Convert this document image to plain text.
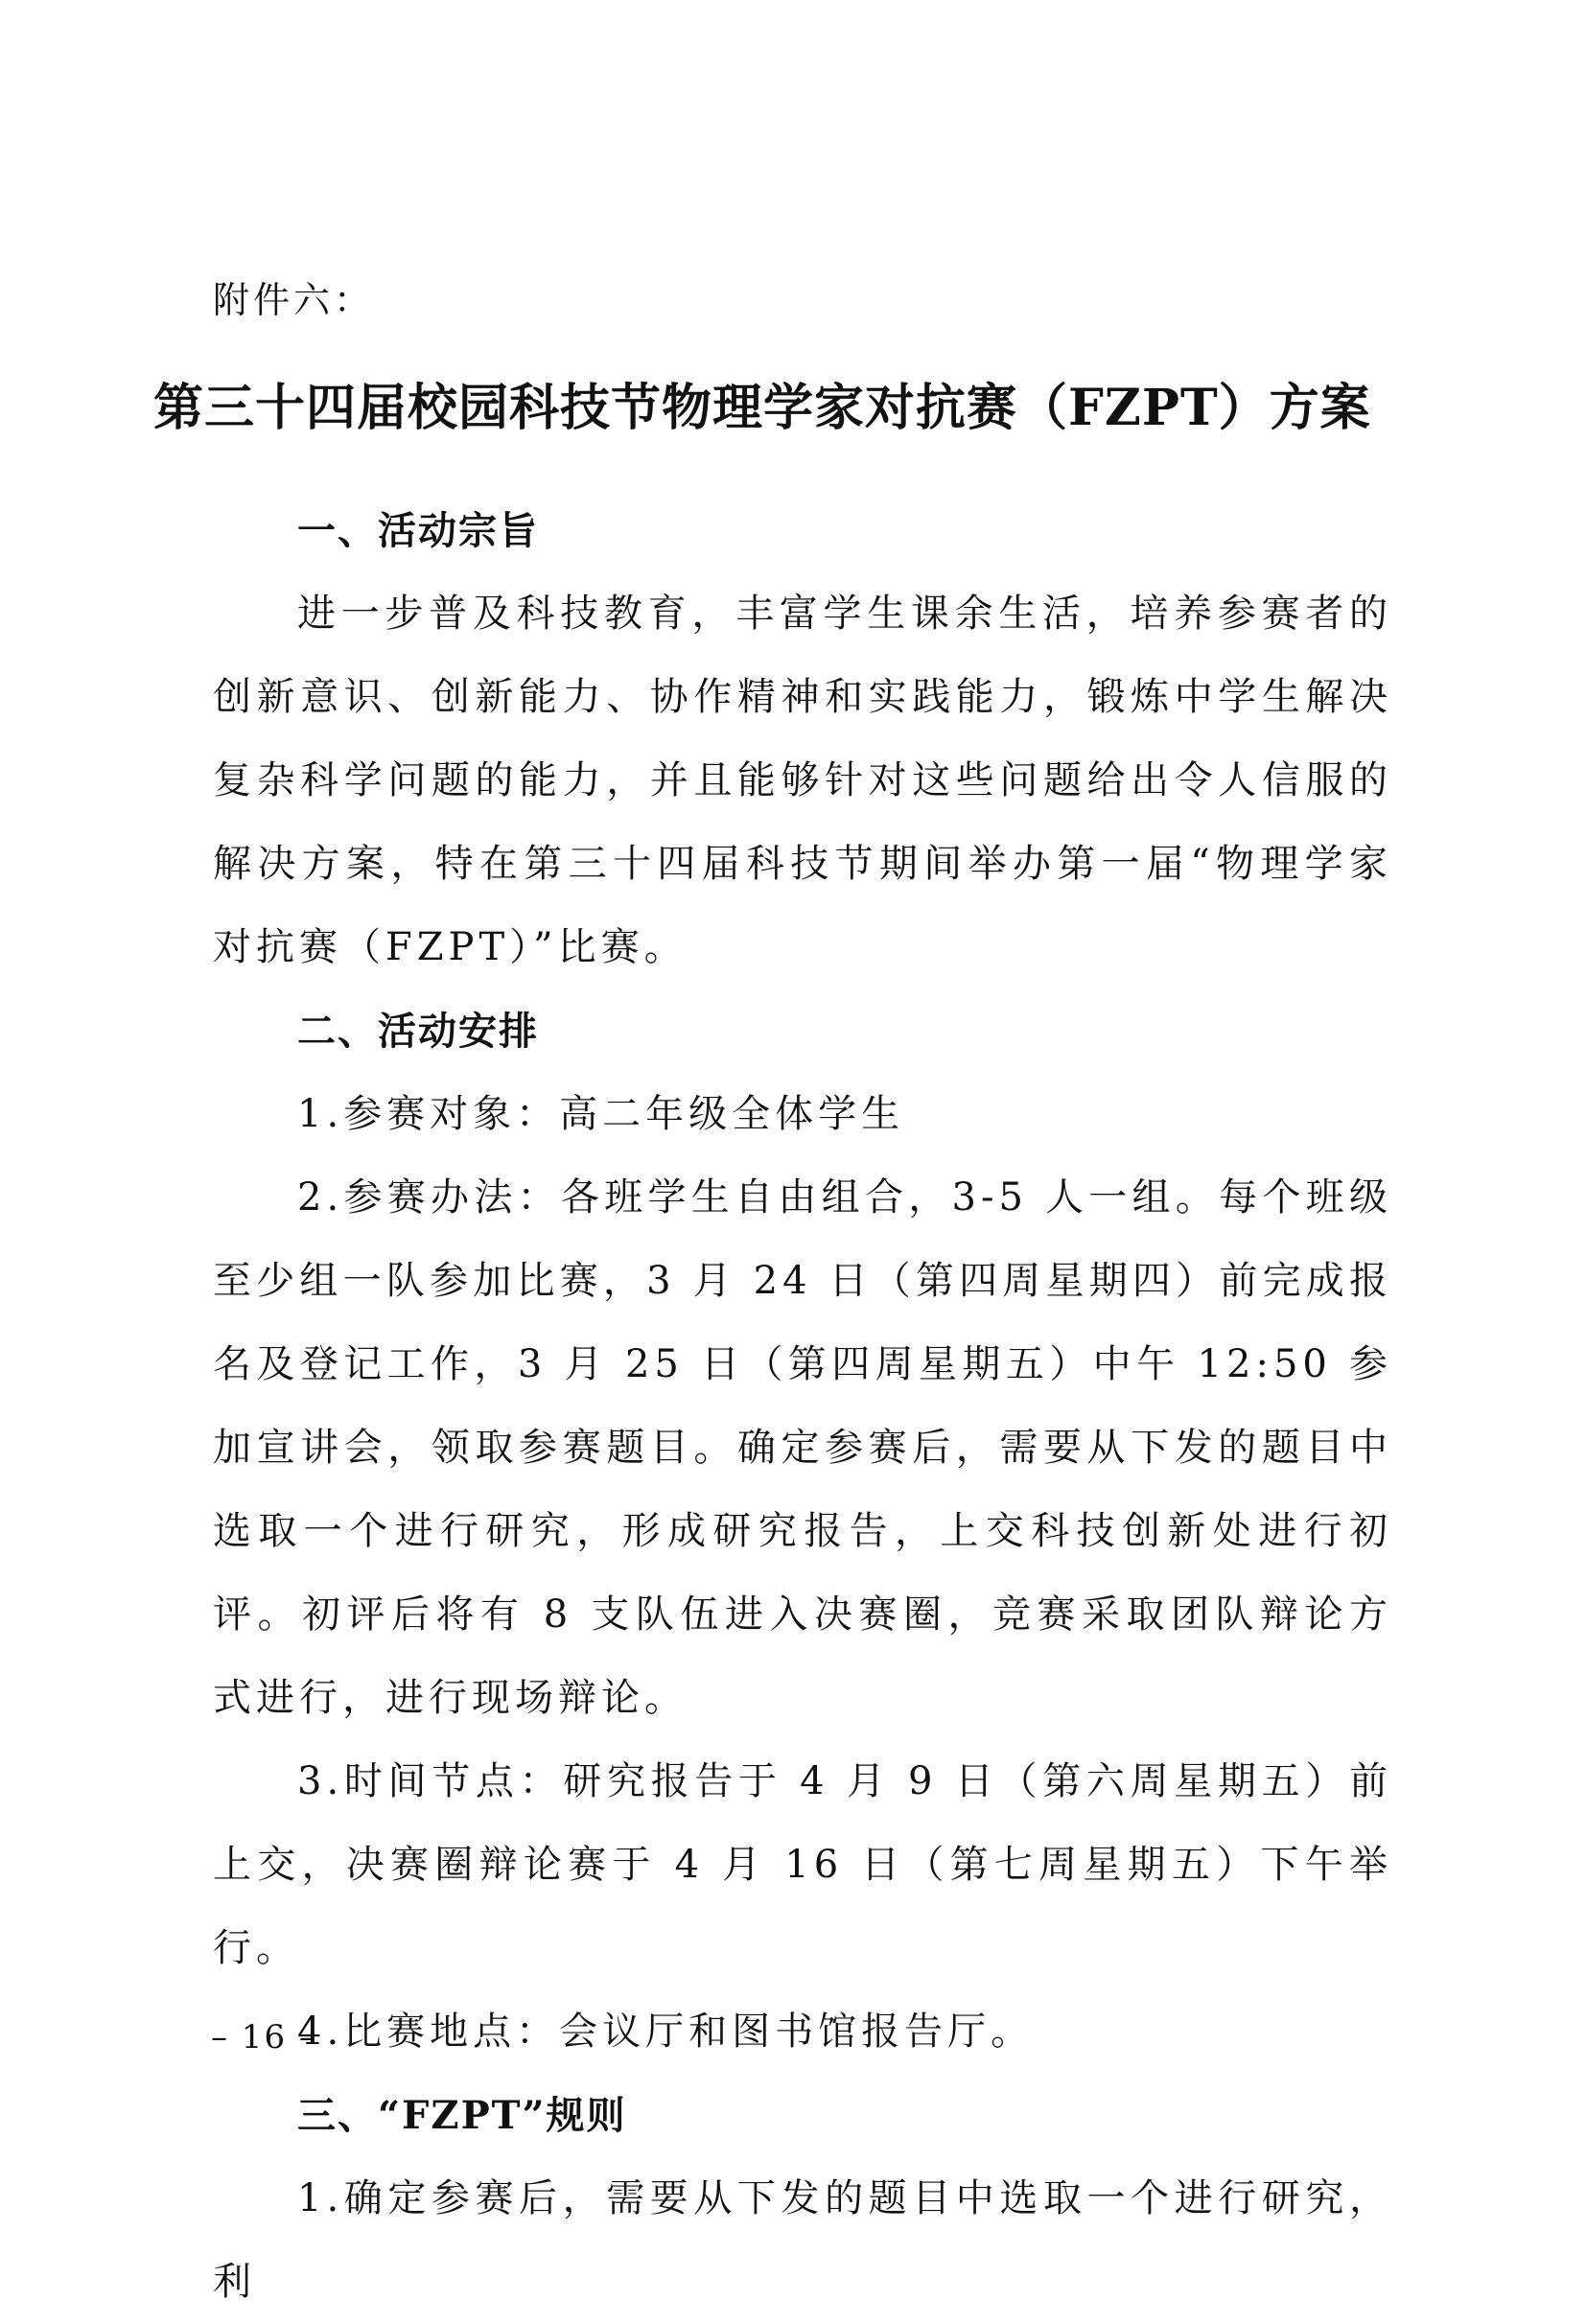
附件六：
第三十四届校园科技节物理学家对抗赛（FZPT）方案
一、活动宗旨
进一步普及科技教育，丰富学生课余生活，培养参赛者的创新意识、创新能力、协作精神和实践能力，锻炼中学生解决复杂科学问题的能力，并且能够针对这些问题给出令人信服的解决方案，特在第三十四届科技节期间举办第一届“物理学家对抗赛（FZPT）”比赛。
二、活动安排
1.参赛对象：高二年级全体学生
2.参赛办法：各班学生自由组合，3-5 人一组。每个班级至少组一队参加比赛，3 月 24 日（第四周星期四）前完成报名及登记工作，3 月 25 日（第四周星期五）中午 12:50 参加宣讲会，领取参赛题目。确定参赛后，需要从下发的题目中选取一个进行研究，形成研究报告，上交科技创新处进行初评。初评后将有 8 支队伍进入决赛圈，竞赛采取团队辩论方式进行，进行现场辩论。
3.时间节点：研究报告于 4 月 9 日（第六周星期五）前上交，决赛圈辩论赛于 4 月 16 日（第七周星期五）下午举行。
4.比赛地点：会议厅和图书馆报告厅。
三、“FZPT”规则
1.确定参赛后，需要从下发的题目中选取一个进行研究，利
– 16 –
